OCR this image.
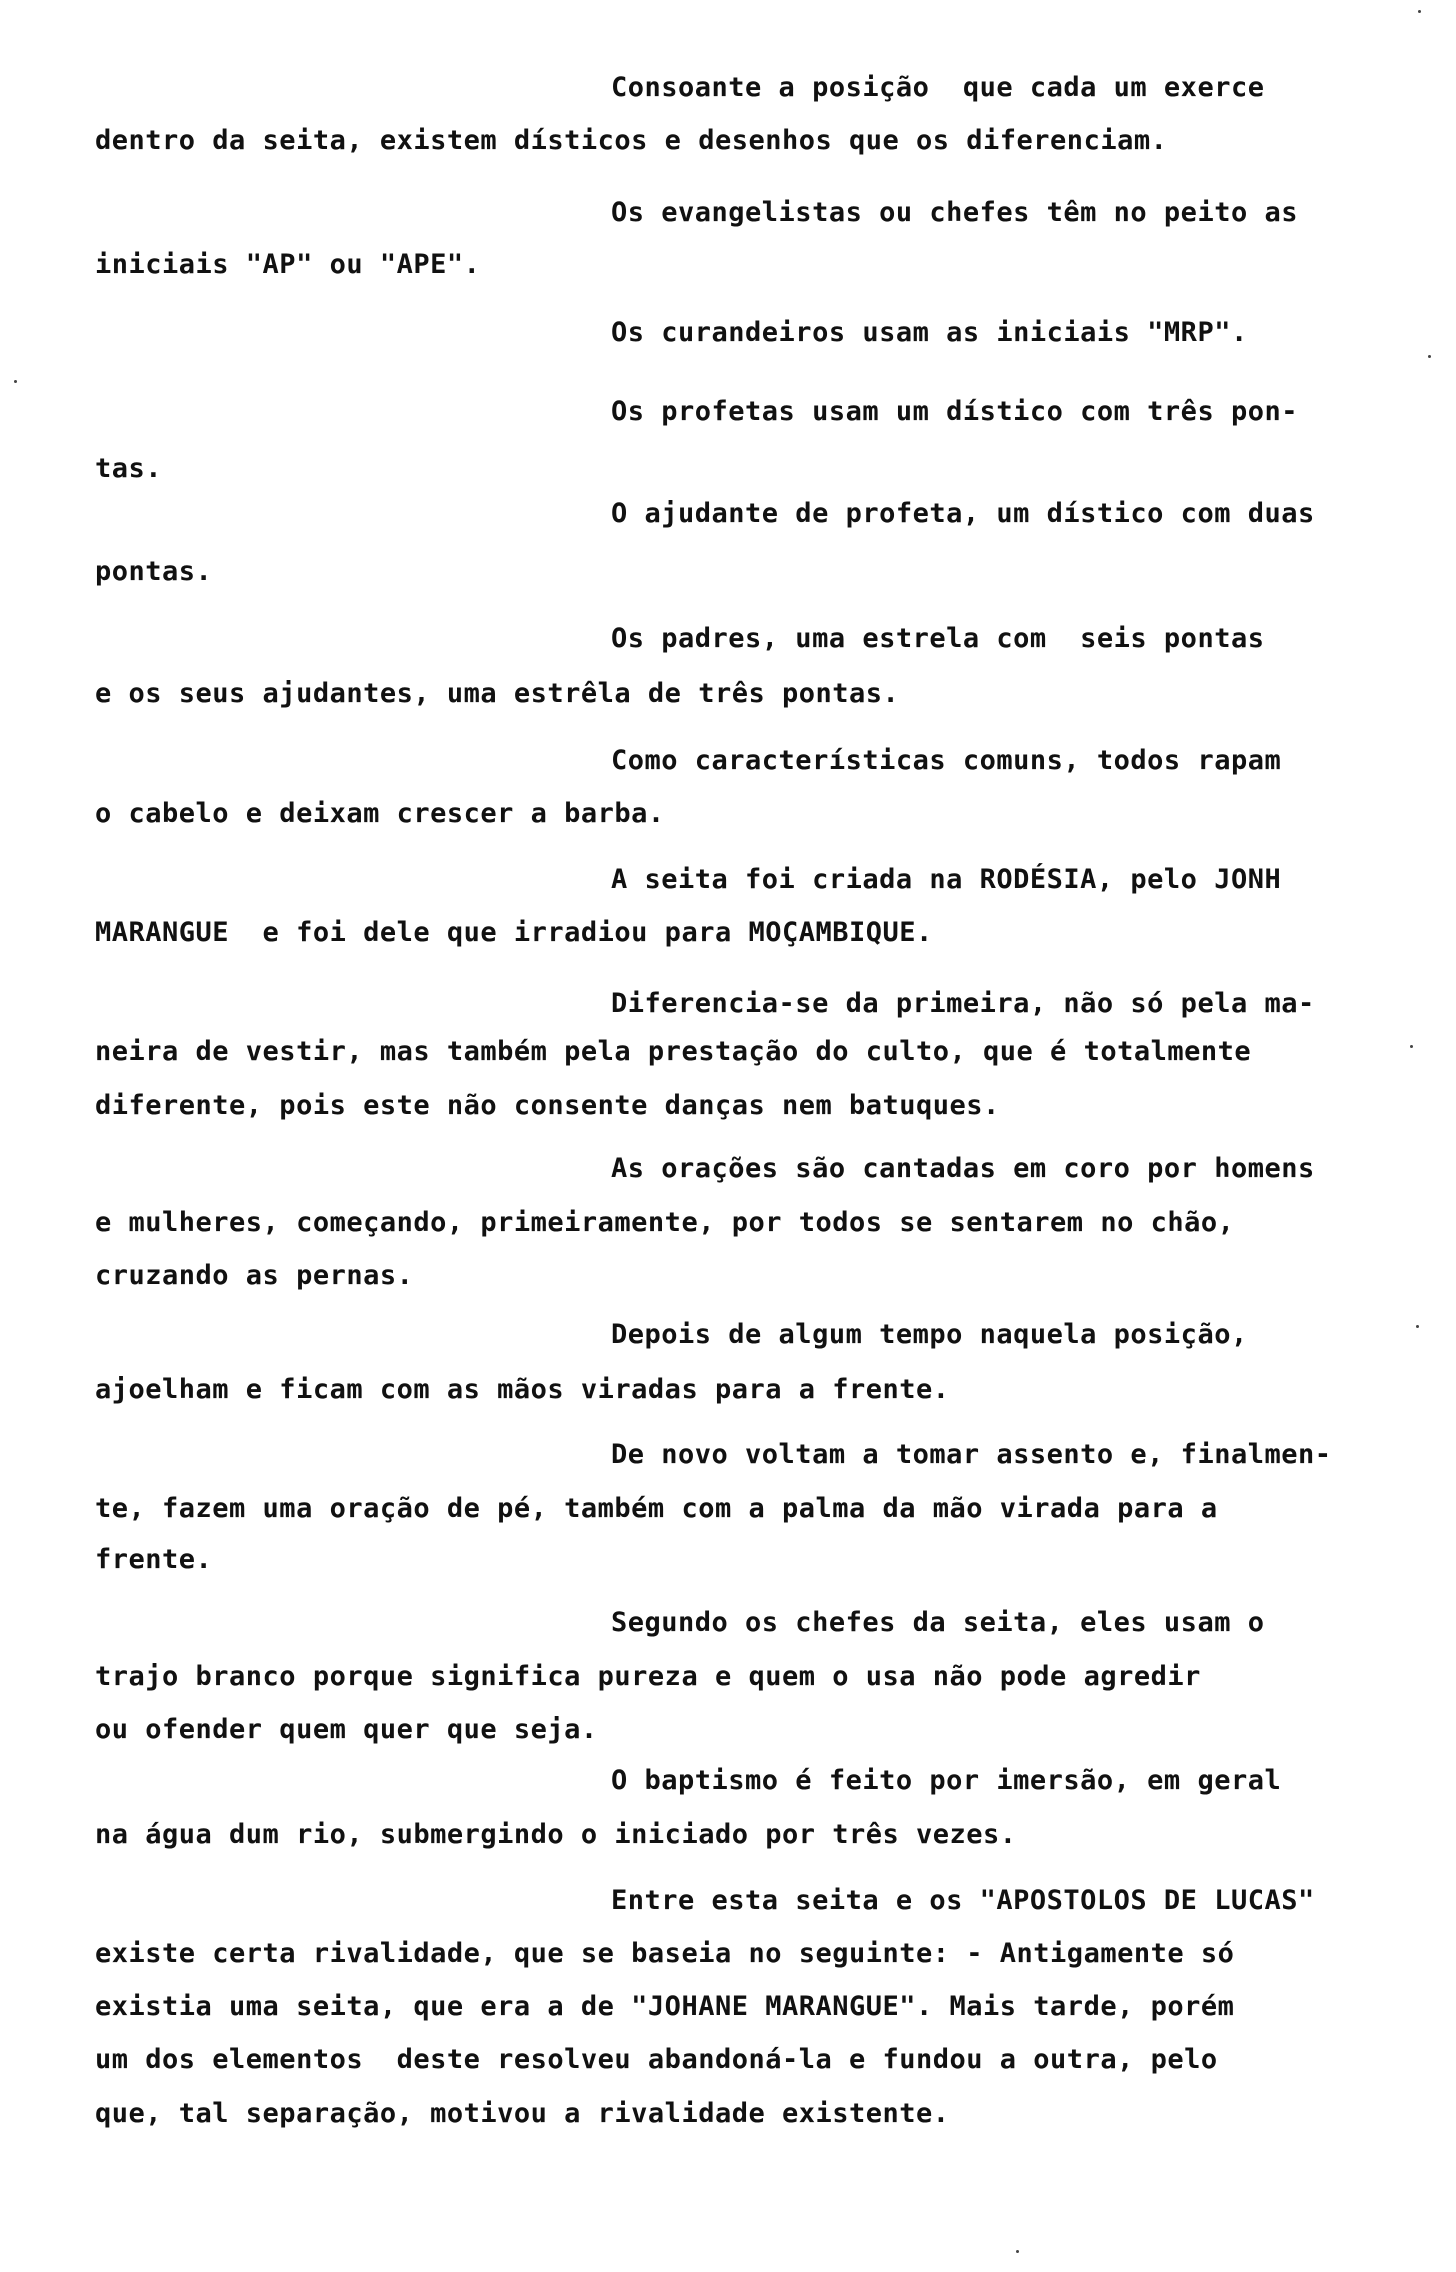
Consoante a posição  que cada um exerce
dentro da seita, existem dísticos e desenhos que os diferenciam.
Os evangelistas ou chefes têm no peito as
iniciais "AP" ou "APE".
Os curandeiros usam as iniciais "MRP".
Os profetas usam um dístico com três pon-
tas.
O ajudante de profeta, um dístico com duas
pontas.
Os padres, uma estrela com  seis pontas
e os seus ajudantes, uma estrêla de três pontas.
Como características comuns, todos rapam
o cabelo e deixam crescer a barba.
A seita foi criada na RODÉSIA, pelo JONH
MARANGUE  e foi dele que irradiou para MOÇAMBIQUE.
Diferencia-se da primeira, não só pela ma-
neira de vestir, mas também pela prestação do culto, que é totalmente
diferente, pois este não consente danças nem batuques.
As orações são cantadas em coro por homens
e mulheres, começando, primeiramente, por todos se sentarem no chão,
cruzando as pernas.
Depois de algum tempo naquela posição,
ajoelham e ficam com as mãos viradas para a frente.
De novo voltam a tomar assento e, finalmen-
te, fazem uma oração de pé, também com a palma da mão virada para a
frente.
Segundo os chefes da seita, eles usam o
trajo branco porque significa pureza e quem o usa não pode agredir
ou ofender quem quer que seja.
O baptismo é feito por imersão, em geral
na água dum rio, submergindo o iniciado por três vezes.
Entre esta seita e os "APOSTOLOS DE LUCAS"
existe certa rivalidade, que se baseia no seguinte: - Antigamente só
existia uma seita, que era a de "JOHANE MARANGUE". Mais tarde, porém
um dos elementos  deste resolveu abandoná-la e fundou a outra, pelo
que, tal separação, motivou a rivalidade existente.
